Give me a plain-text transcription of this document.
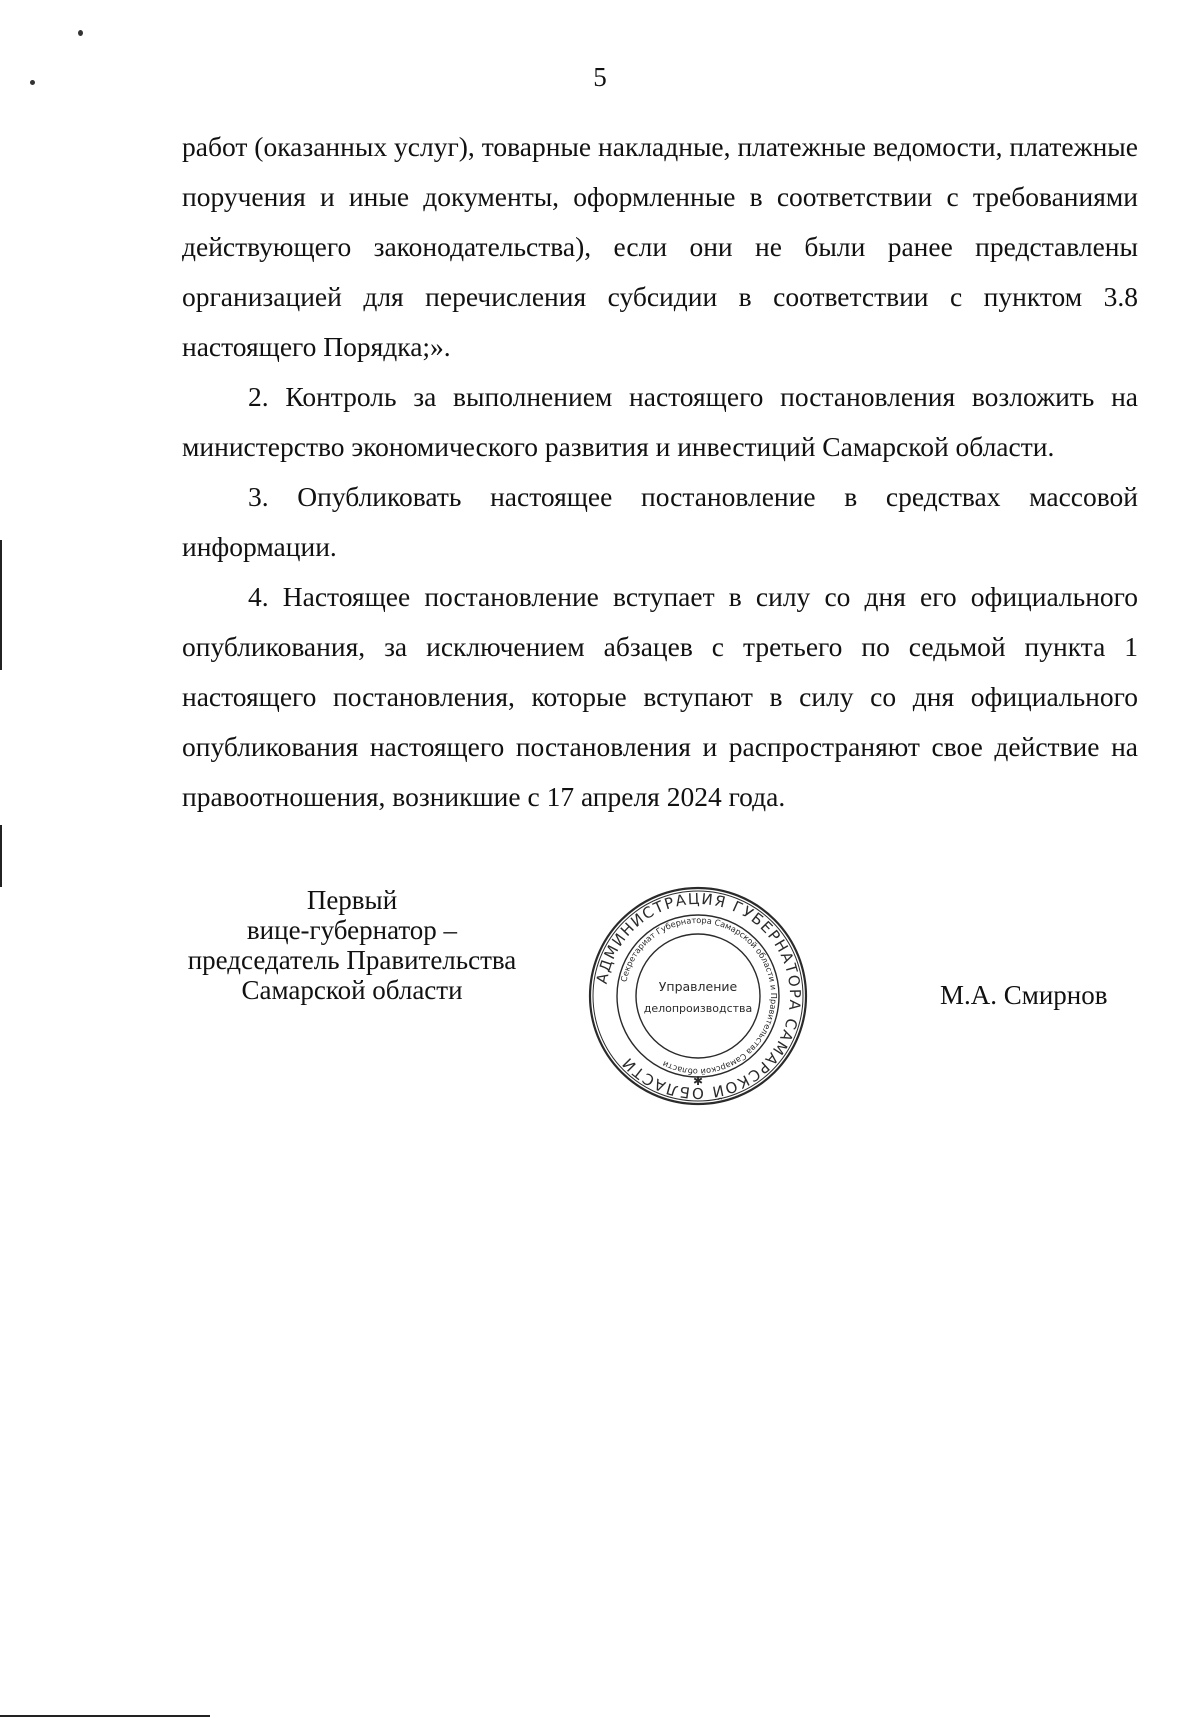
5

работ (оказанных услуг), товарные накладные, платежные ведомости, платежные поручения и иные документы, оформленные в соответствии с требованиями действующего законодательства), если они не были ранее представлены организацией для перечисления субсидии в соответствии с пунктом 3.8 настоящего Порядка;».

2. Контроль за выполнением настоящего постановления возложить на министерство экономического развития и инвестиций Самарской области.

3. Опубликовать настоящее постановление в средствах массовой информации.

4. Настоящее постановление вступает в силу со дня его официального опубликования, за исключением абзацев с третьего по седьмой пункта 1 настоящего постановления, которые вступают в силу со дня официального опубликования настоящего постановления и распространяют свое действие на правоотношения, возникшие с 17 апреля 2024 года.

Первый
вице-губернатор –
председатель Правительства
Самарской области	АДМИНИСТРАЦИЯ ГУБЕРНАТОРА САМАРСКОЙ ОБЛАСТИ
Секретариат Губернатора Самарской области и Правительства Самарской области
Управление
делопроизводства
✱
М.А. Смирнов
